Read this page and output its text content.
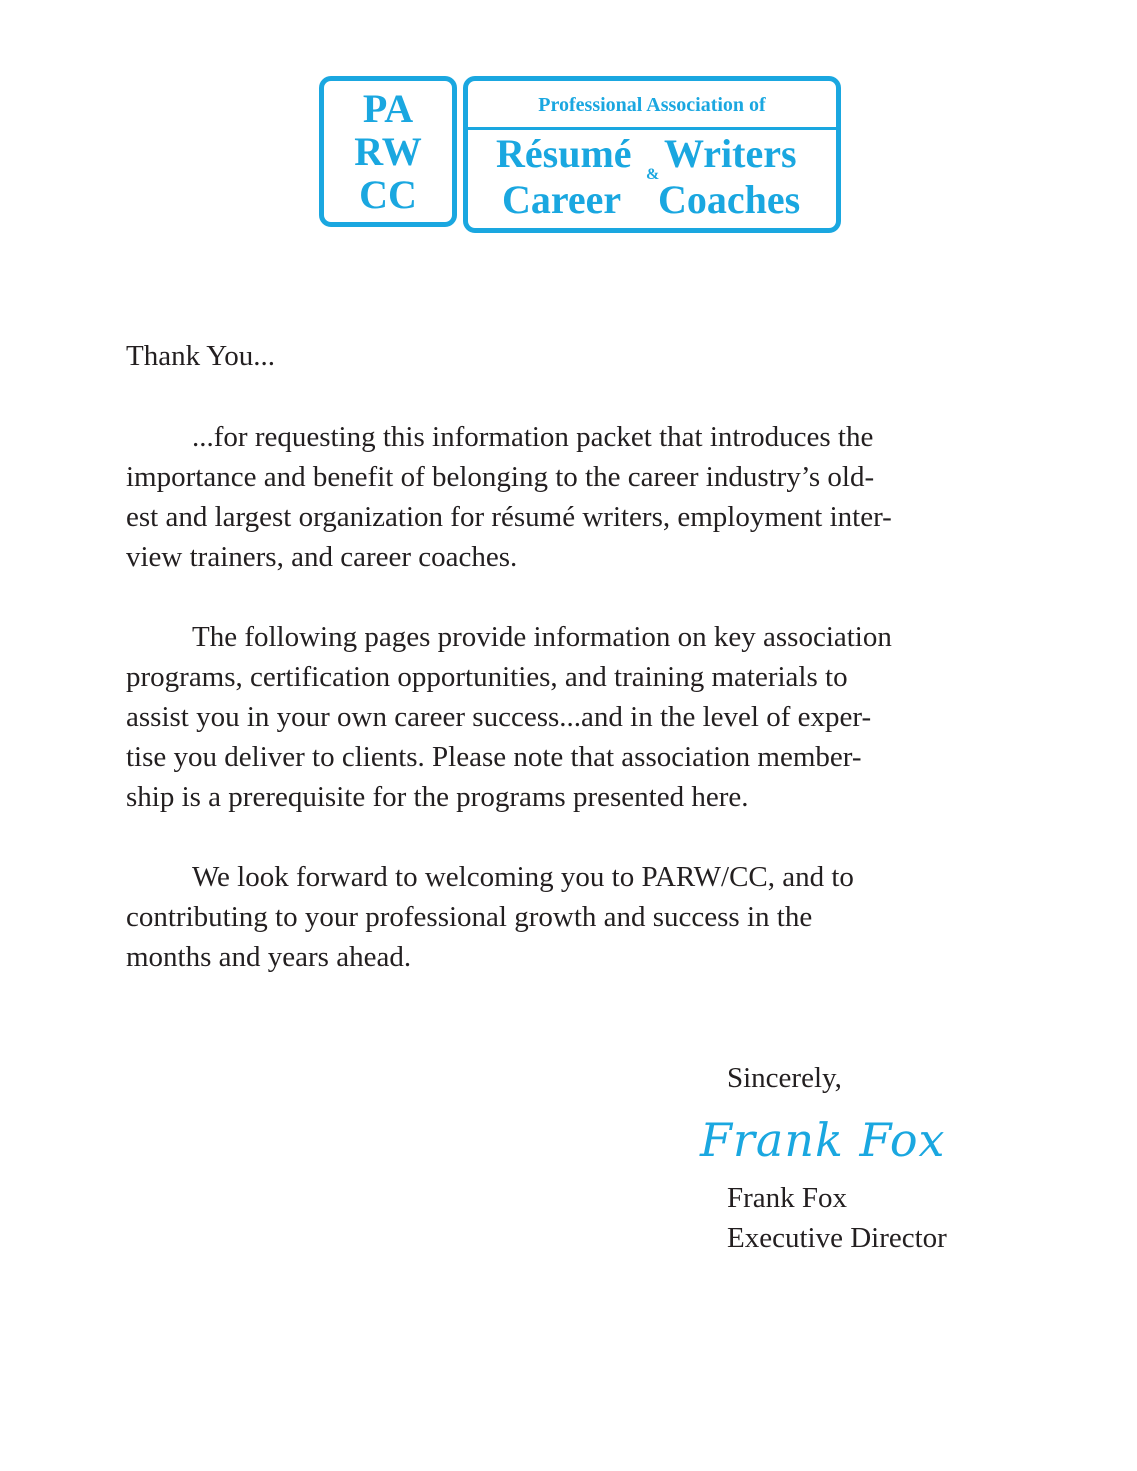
PA
RW
CC
Professional Association of
Résumé & Writers
Career Coaches
Thank You...
...for requesting this information packet that introduces the
importance and benefit of belonging to the career industry’s old-
est and largest organization for résumé writers, employment inter-
view trainers, and career coaches.
The following pages provide information on key association
programs, certification opportunities, and training materials to
assist you in your own career success...and in the level of exper-
tise you deliver to clients. Please note that association member-
ship is a prerequisite for the programs presented here.
We look forward to welcoming you to PARW/CC, and to
contributing to your professional growth and success in the
months and years ahead.
Sincerely,
Frank Fox
Frank Fox
Executive Director
